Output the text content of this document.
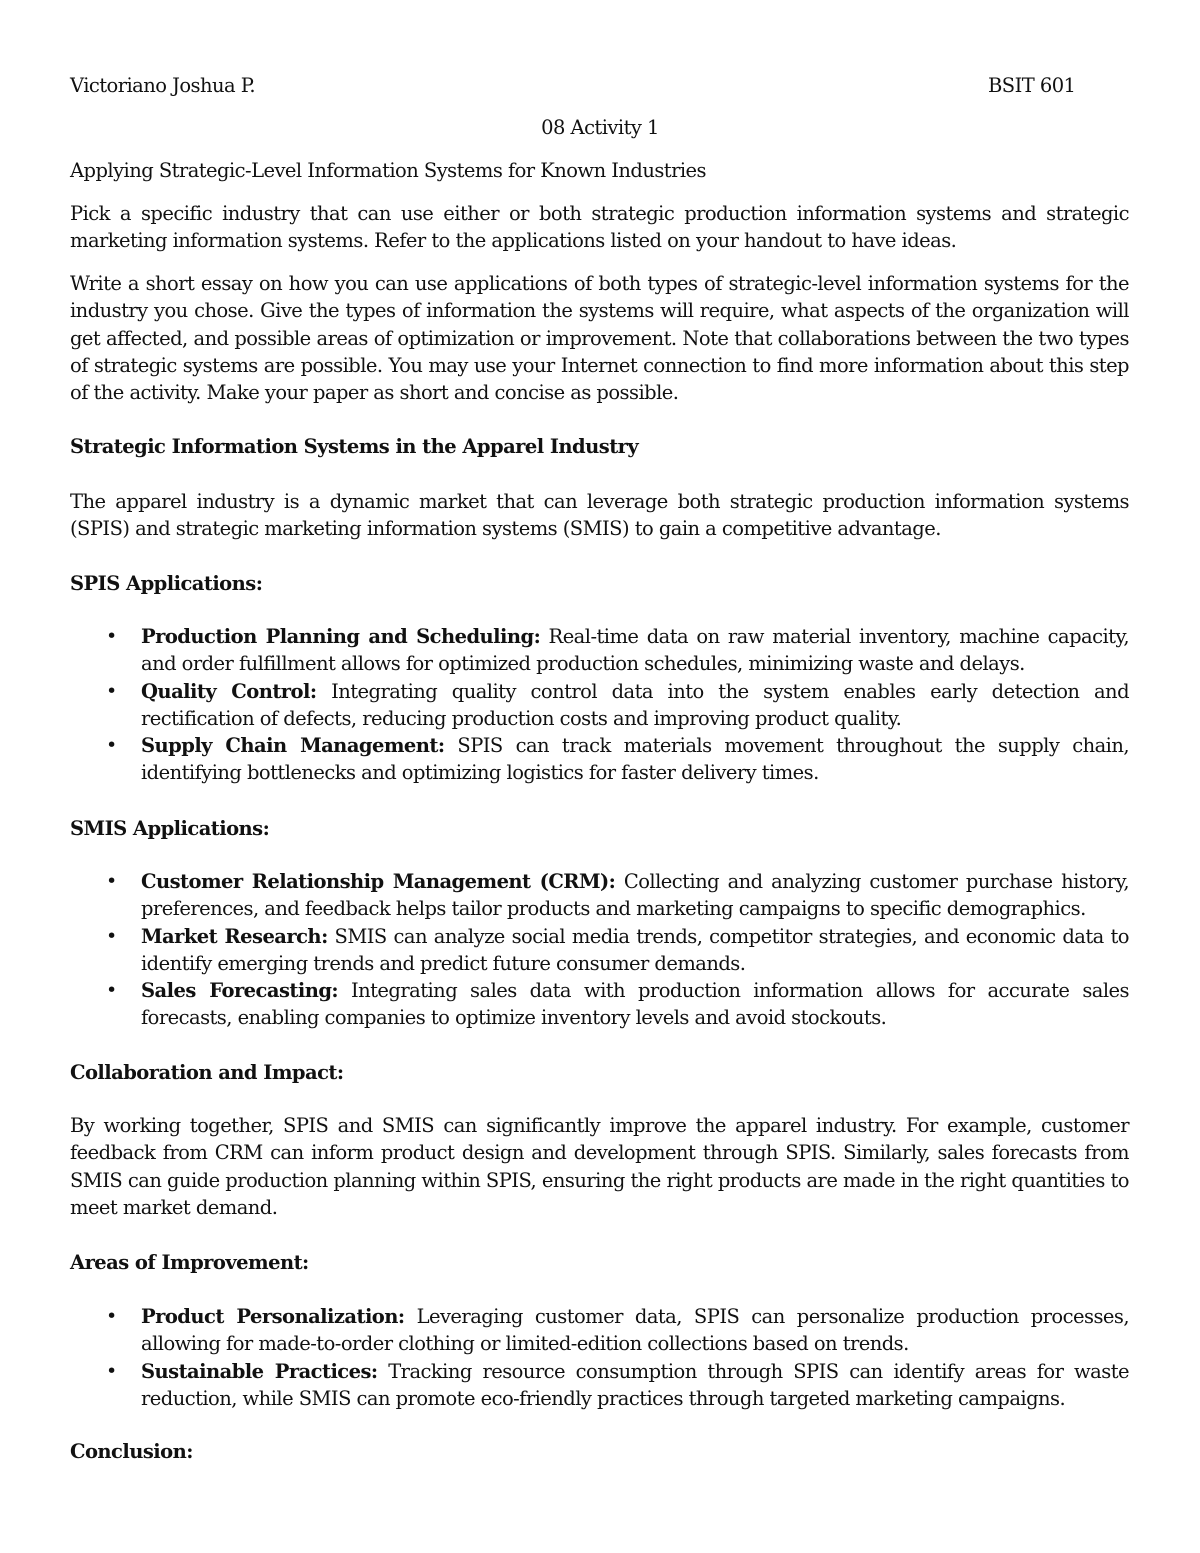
Victoriano Joshua P.	BSIT 601
08 Activity 1
Applying Strategic-Level Information Systems for Known Industries
Pick a specific industry that can use either or both strategic production information systems and strategic marketing information systems. Refer to the applications listed on your handout to have ideas.
Write a short essay on how you can use applications of both types of strategic-level information systems for the industry you chose. Give the types of information the systems will require, what aspects of the organization will get affected, and possible areas of optimization or improvement. Note that collaborations between the two types of strategic systems are possible. You may use your Internet connection to find more information about this step of the activity. Make your paper as short and concise as possible.
Strategic Information Systems in the Apparel Industry
The apparel industry is a dynamic market that can leverage both strategic production information systems (SPIS) and strategic marketing information systems (SMIS) to gain a competitive advantage.
SPIS Applications:
• Production Planning and Scheduling: Real-time data on raw material inventory, machine capacity, and order fulfillment allows for optimized production schedules, minimizing waste and delays.
• Quality Control: Integrating quality control data into the system enables early detection and rectification of defects, reducing production costs and improving product quality.
• Supply Chain Management: SPIS can track materials movement throughout the supply chain, identifying bottlenecks and optimizing logistics for faster delivery times.
SMIS Applications:
• Customer Relationship Management (CRM): Collecting and analyzing customer purchase history, preferences, and feedback helps tailor products and marketing campaigns to specific demographics.
• Market Research: SMIS can analyze social media trends, competitor strategies, and economic data to identify emerging trends and predict future consumer demands.
• Sales Forecasting: Integrating sales data with production information allows for accurate sales forecasts, enabling companies to optimize inventory levels and avoid stockouts.
Collaboration and Impact:
By working together, SPIS and SMIS can significantly improve the apparel industry. For example, customer feedback from CRM can inform product design and development through SPIS. Similarly, sales forecasts from SMIS can guide production planning within SPIS, ensuring the right products are made in the right quantities to meet market demand.
Areas of Improvement:
• Product Personalization: Leveraging customer data, SPIS can personalize production processes, allowing for made-to-order clothing or limited-edition collections based on trends.
• Sustainable Practices: Tracking resource consumption through SPIS can identify areas for waste reduction, while SMIS can promote eco-friendly practices through targeted marketing campaigns.
Conclusion:
